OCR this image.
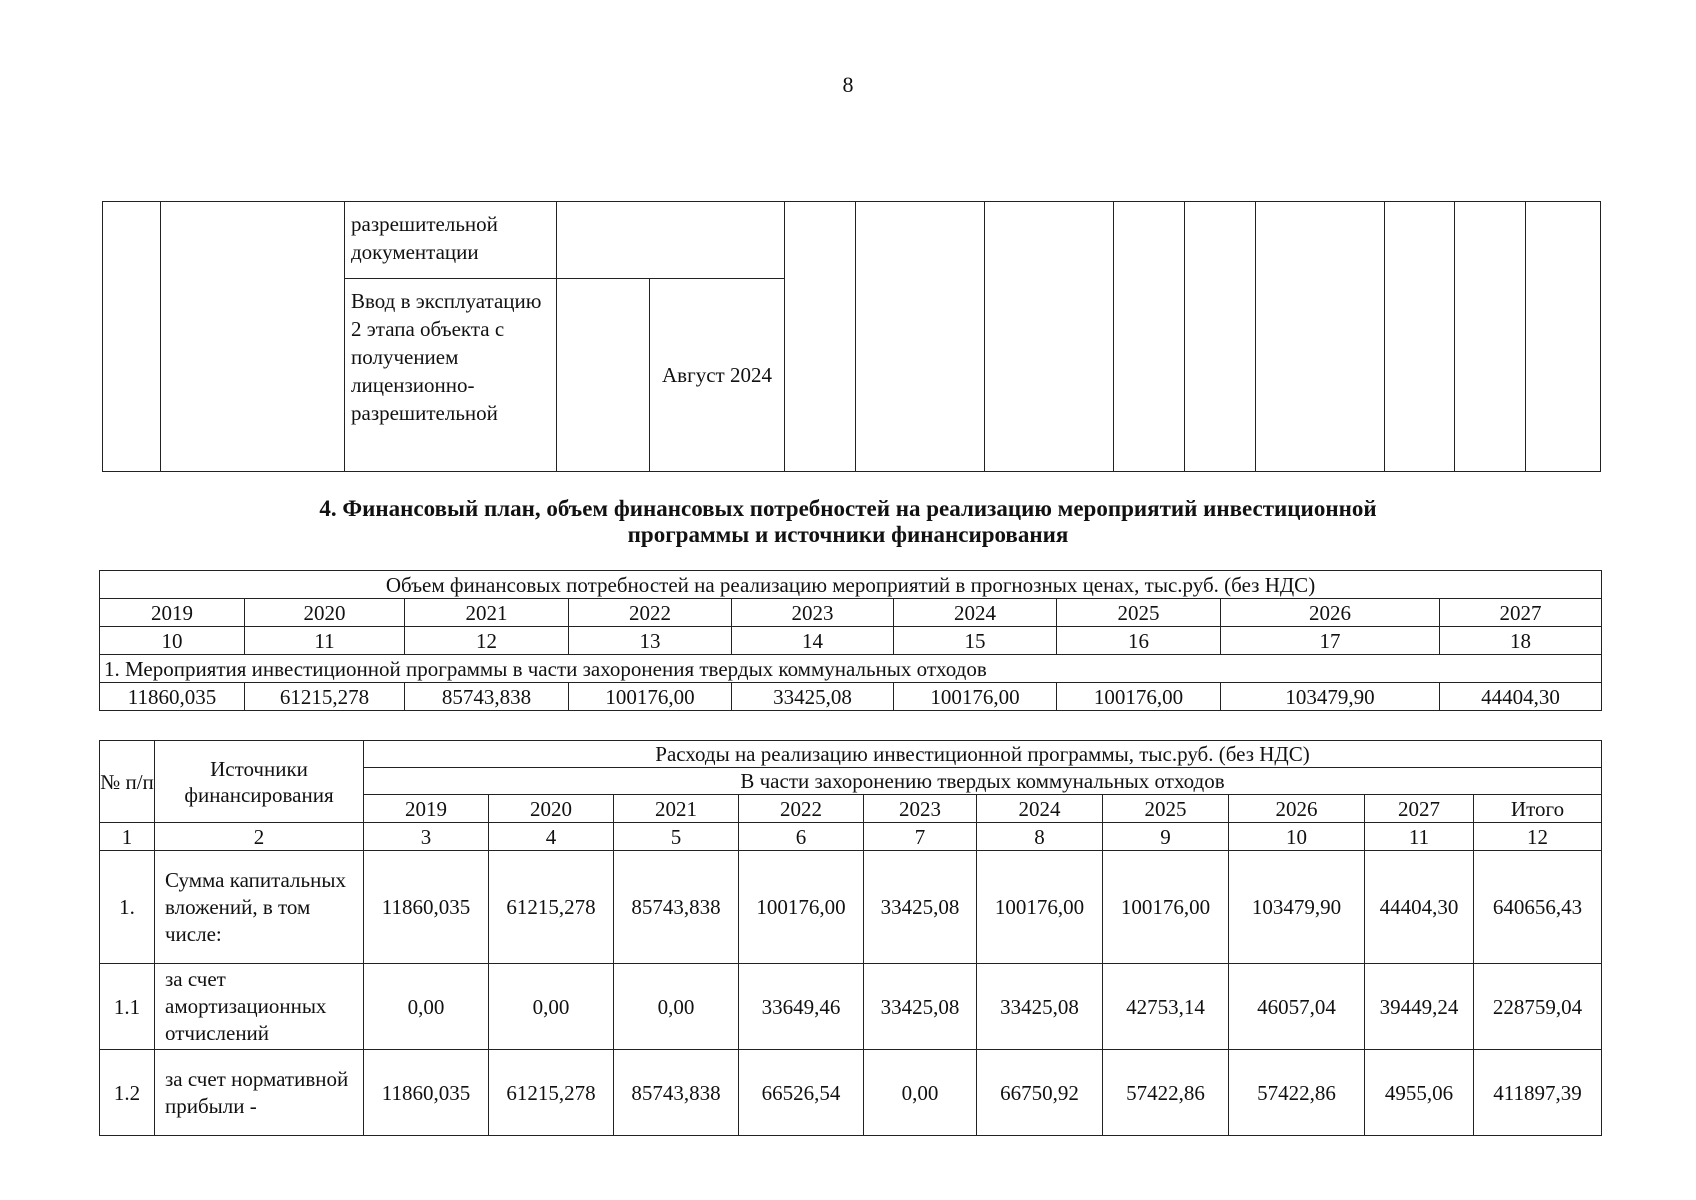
8
		разрешительной документации											
		Ввод в эксплуатацию 2 этапа объекта с получением лицензионно-разрешительной		Август 2024									
4. Финансовый план, объем финансовых потребностей на реализацию мероприятий инвестиционной
программы и источники финансирования
Объем финансовых потребностей на реализацию мероприятий в прогнозных ценах, тыс.руб. (без НДС)								
2019	2020	2021	2022	2023	2024	2025	2026	2027
10	11	12	13	14	15	16	17	18
1. Мероприятия инвестиционной программы в части захоронения твердых коммунальных отходов								
11860,035	61215,278	85743,838	100176,00	33425,08	100176,00	100176,00	103479,90	44404,30
№ п/п	Источники финансирования	Расходы на реализацию инвестиционной программы, тыс.руб. (без НДС)									
		В части захоронению твердых коммунальных отходов									
		2019	2020	2021	2022	2023	2024	2025	2026	2027	Итого
1	2	3	4	5	6	7	8	9	10	11	12
1.	Сумма капитальных вложений, в том числе:	11860,035	61215,278	85743,838	100176,00	33425,08	100176,00	100176,00	103479,90	44404,30	640656,43
1.1	за счет амортизационных отчислений	0,00	0,00	0,00	33649,46	33425,08	33425,08	42753,14	46057,04	39449,24	228759,04
1.2	за счет нормативной прибыли -	11860,035	61215,278	85743,838	66526,54	0,00	66750,92	57422,86	57422,86	4955,06	411897,39
